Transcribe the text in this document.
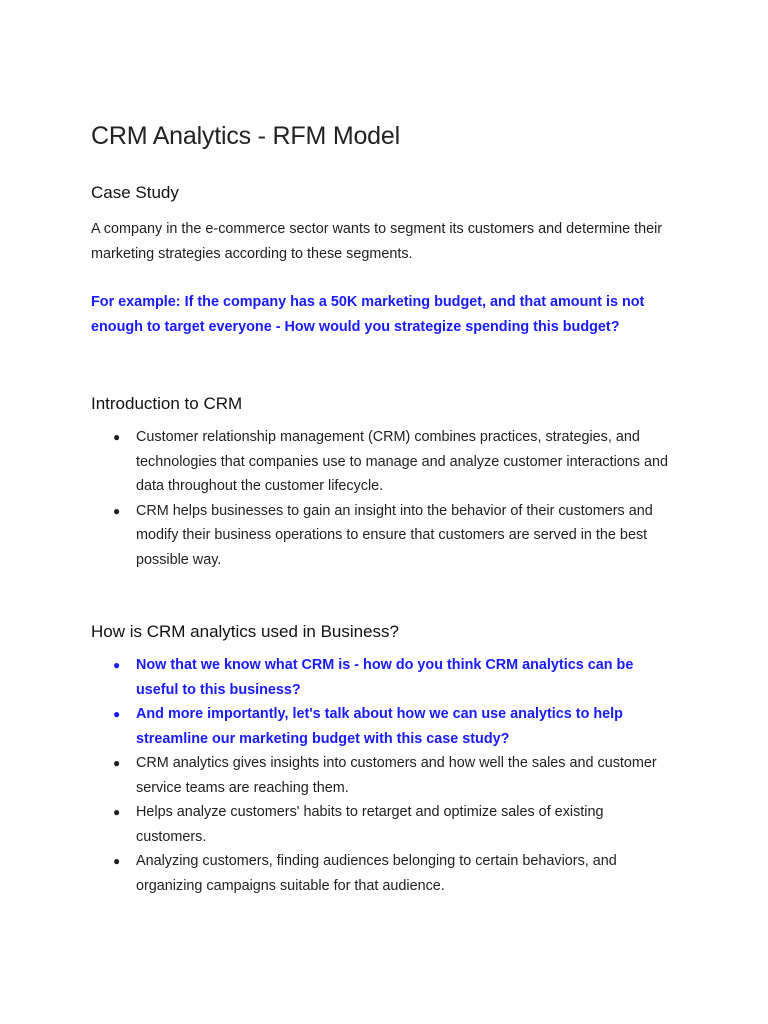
CRM Analytics - RFM Model
Case Study

A company in the e-commerce sector wants to segment its customers and determine their marketing strategies according to these segments.

For example: If the company has a 50K marketing budget, and that amount is not enough to target everyone - How would you strategize spending this budget?

Introduction to CRM
● Customer relationship management (CRM) combines practices, strategies, and technologies that companies use to manage and analyze customer interactions and data throughout the customer lifecycle.
● CRM helps businesses to gain an insight into the behavior of their customers and modify their business operations to ensure that customers are served in the best possible way.
How is CRM analytics used in Business?
● Now that we know what CRM is - how do you think CRM analytics can be useful to this business?
● And more importantly, let's talk about how we can use analytics to help streamline our marketing budget with this case study?
● CRM analytics gives insights into customers and how well the sales and customer service teams are reaching them.
● Helps analyze customers' habits to retarget and optimize sales of existing customers.
● Analyzing customers, finding audiences belonging to certain behaviors, and organizing campaigns suitable for that audience.
